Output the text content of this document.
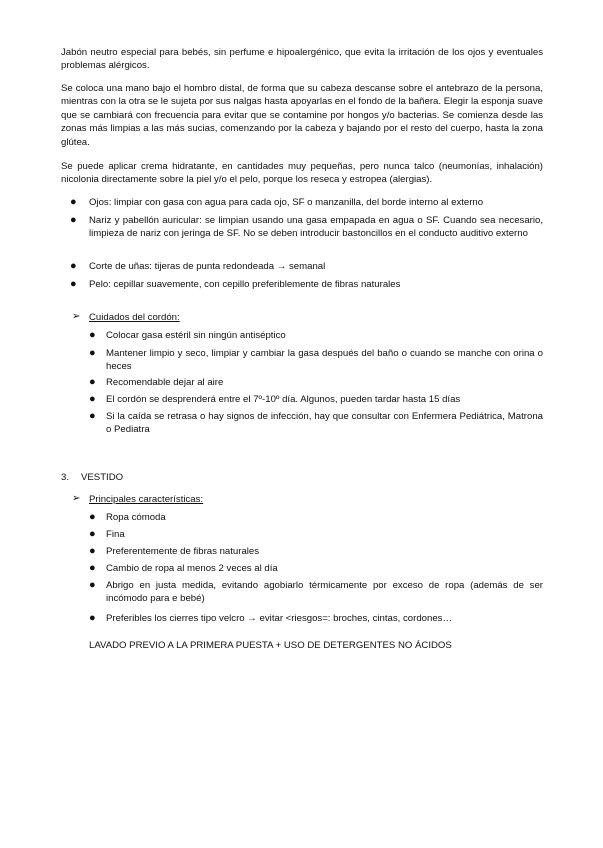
Jabón neutro especial para bebés, sin perfume e hipoalergénico, que evita la irritación de los ojos y eventuales problemas alérgicos.

Se coloca una mano bajo el hombro distal, de forma que su cabeza descanse sobre el antebrazo de la persona, mientras con la otra se le sujeta por sus nalgas hasta apoyarlas en el fondo de la bañera. Elegir la esponja suave que se cambiará con frecuencia para evitar que se contamine por hongos y/o bacterias. Se comienza desde las zonas más limpias a las más sucias, comenzando por la cabeza y bajando por el resto del cuerpo, hasta la zona glútea.

Se puede aplicar crema hidratante, en cantidades muy pequeñas, pero nunca talco (neumonías, inhalación) nicolonia directamente sobre la piel y/o el pelo, porque los reseca y estropea (alergias).

● Ojos: limpiar con gasa con agua para cada ojo, SF o manzanilla, del borde interno al externo
● Nariz y pabellón auricular: se limpian usando una gasa empapada en agua o SF. Cuando sea necesario, limpieza de nariz con jeringa de SF. No se deben introducir bastoncillos en el conducto auditivo externo
● Corte de uñas: tijeras de punta redondeada → semanal
● Pelo: cepillar suavemente, con cepillo preferiblemente de fibras naturales
➢ Cuidados del cordón:
● Colocar gasa estéril sin ningún antiséptico
● Mantener limpio y seco, limpiar y cambiar la gasa después del baño o cuando se manche con orina o heces
● Recomendable dejar al aire
● El cordón se desprenderá entre el 7º-10º día. Algunos, pueden tardar hasta 15 días
● Si la caída se retrasa o hay signos de infección, hay que consultar con Enfermera Pediátrica, Matrona o Pediatra
3. VESTIDO
➢ Principales características:
● Ropa cómoda
● Fina
● Preferentemente de fibras naturales
● Cambio de ropa al menos 2 veces al día
● Abrigo en justa medida, evitando agobiarlo térmicamente por exceso de ropa (además de ser incómodo para e bebé)
● Preferibles los cierres tipo velcro → evitar <riesgos=: broches, cintas, cordones…
LAVADO PREVIO A LA PRIMERA PUESTA + USO DE DETERGENTES NO ÁCIDOS
